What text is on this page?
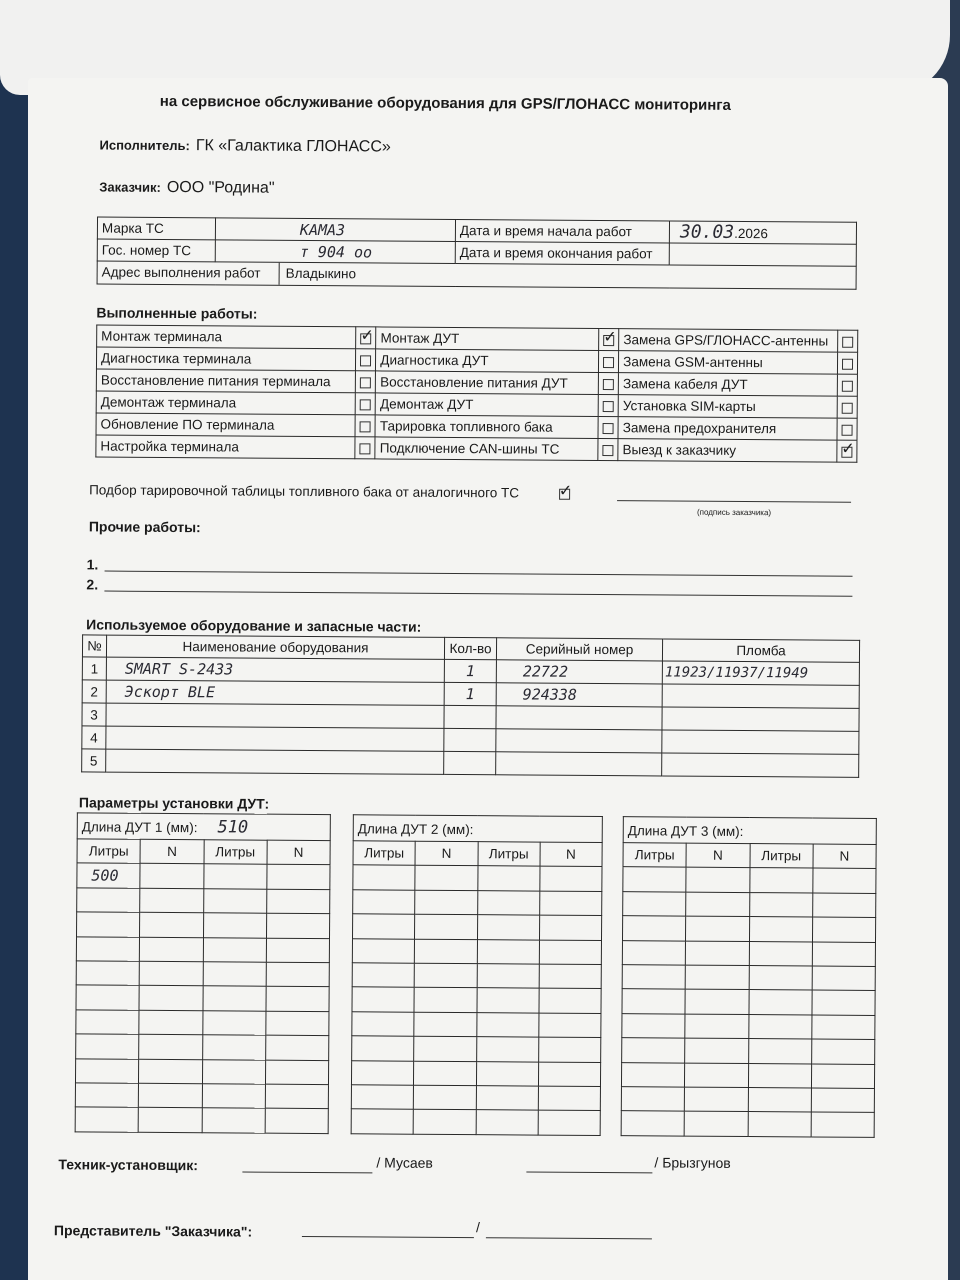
на сервисное обслуживание оборудования для GPS/ГЛОНАСС мониторинга
Исполнитель: ГК «Галактика ГЛОНАСС»
Заказчик: ООО "Родина"
Марка ТС	КАМАЗ	Дата и время начала работ	30.03.2026
Гос. номер ТС	т 904 оо	Дата и время окончания работ	
Адрес выполнения работ Владыкино			
Выполненные работы:
Монтаж терминала	✓	Монтаж ДУТ	✓	Замена GPS/ГЛОНАСС-антенны	
Диагностика терминала		Диагностика ДУТ		Замена GSM-антенны	
Восстановление питания терминала		Восстановление питания ДУТ		Замена кабеля ДУТ	
Демонтаж терминала		Демонтаж ДУТ		Установка SIM-карты	
Обновление ПО терминала		Тарировка топливного бака		Замена предохранителя	
Настройка терминала		Подключение CAN-шины ТС		Выезд к заказчику	✓
Подбор тарировочной таблицы топливного бака от аналогичного ТС ✓
(подпись заказчика)
Прочие работы:
1.
2.
Используемое оборудование и запасные части:
№	Наименование оборудования	Кол-во	Серийный номер	Пломба
1	SMART S-2433	1	22722	11923/11937/11949
2	Эскорт BLE	1	924338	
3				
4				
5				
Параметры установки ДУТ:
Длина ДУТ 1 (мм): 510			
Литры	N	Литры	N
500			

Длина ДУТ 2 (мм):			
Литры	N	Литры	N

Длина ДУТ 3 (мм):			
Литры	N	Литры	N

Техник-установщик:	/ Мусаев	/ Брызгунов
Представитель "Заказчика":	/
